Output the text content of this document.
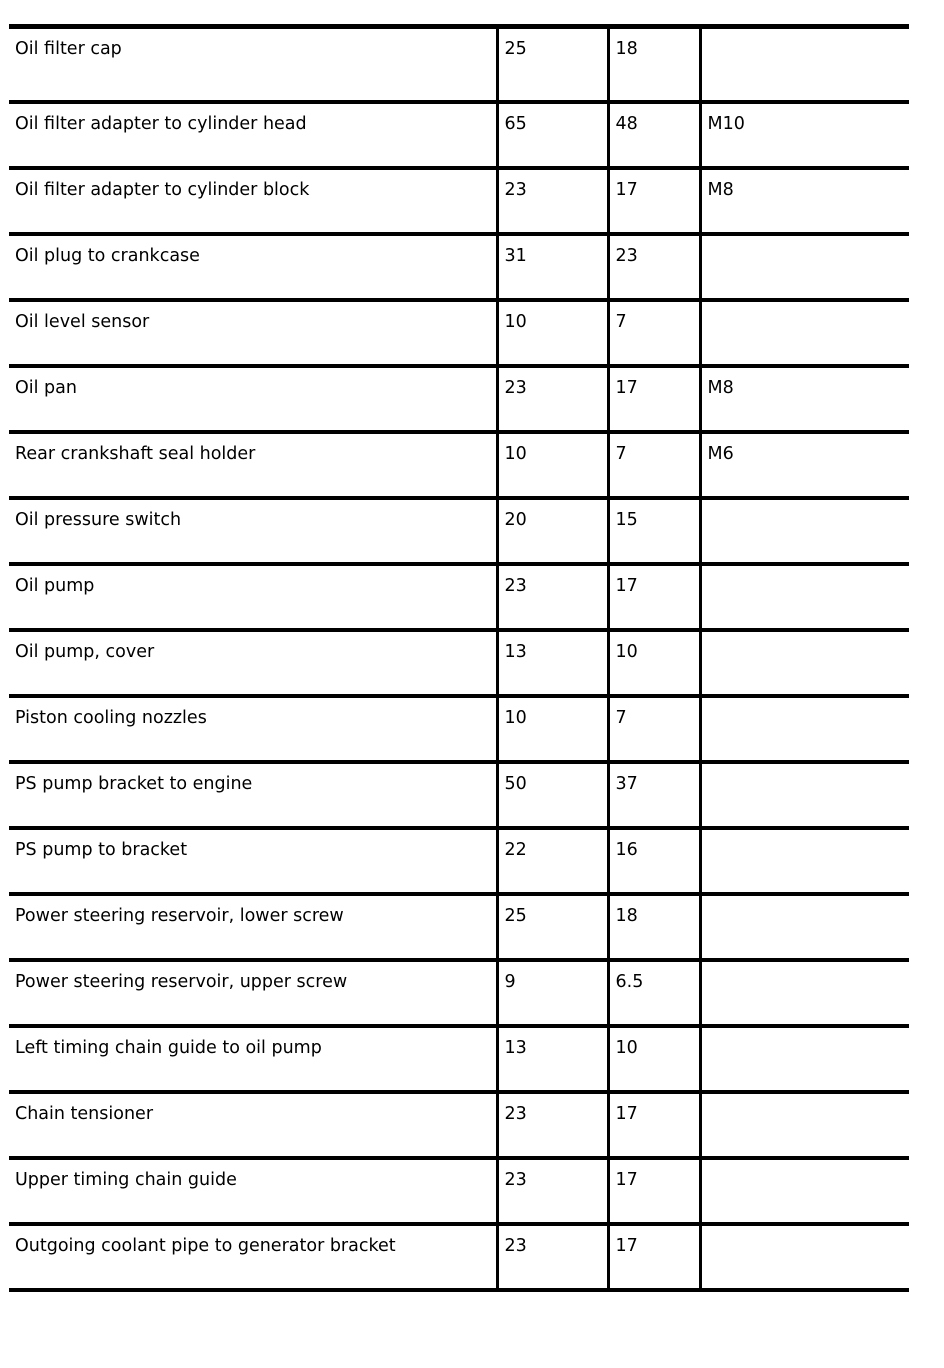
Oil filter cap	25	18	
Oil filter adapter to cylinder head	65	48	M10
Oil filter adapter to cylinder block	23	17	M8
Oil plug to crankcase	31	23	
Oil level sensor	10	7	
Oil pan	23	17	M8
Rear crankshaft seal holder	10	7	M6
Oil pressure switch	20	15	
Oil pump	23	17	
Oil pump, cover	13	10	
Piston cooling nozzles	10	7	
PS pump bracket to engine	50	37	
PS pump to bracket	22	16	
Power steering reservoir, lower screw	25	18	
Power steering reservoir, upper screw	9	6.5	
Left timing chain guide to oil pump	13	10	
Chain tensioner	23	17	
Upper timing chain guide	23	17	
Outgoing coolant pipe to generator bracket	23	17	
